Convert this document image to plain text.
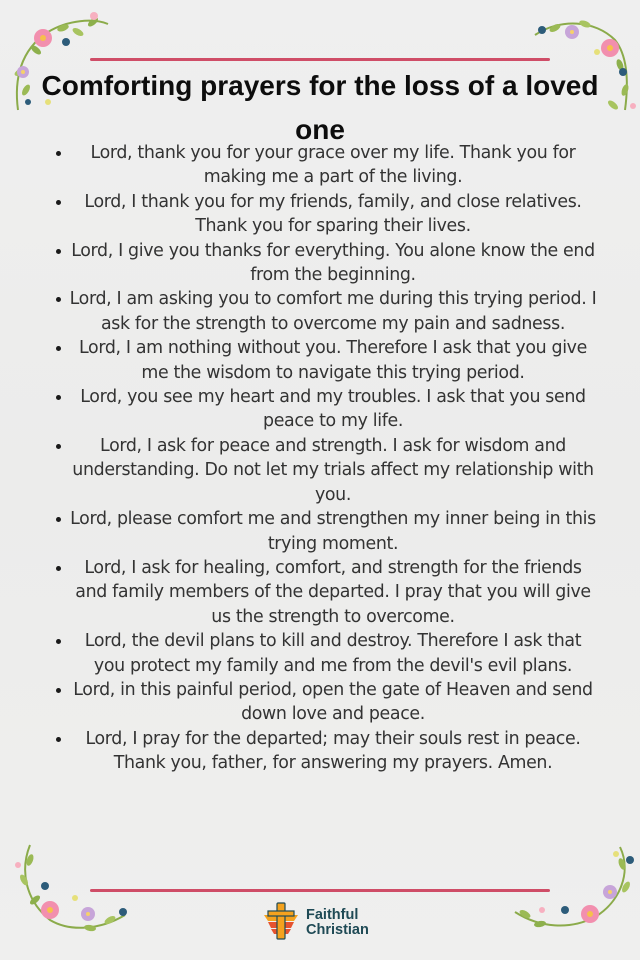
Comforting prayers for the loss of a loved one
Lord, thank you for your grace over my life. Thank you for making me a part of the living.
Lord, I thank you for my friends, family, and close relatives. Thank you for sparing their lives.
Lord, I give you thanks for everything. You alone know the end from the beginning.
Lord, I am asking you to comfort me during this trying period. I ask for the strength to overcome my pain and sadness.
Lord, I am nothing without you. Therefore I ask that you give me the wisdom to navigate this trying period.
Lord, you see my heart and my troubles. I ask that you send peace to my life.
Lord, I ask for peace and strength. I ask for wisdom and understanding. Do not let my trials affect my relationship with you.
Lord, please comfort me and strengthen my inner being in this trying moment.
Lord, I ask for healing, comfort, and strength for the friends and family members of the departed. I pray that you will give us the strength to overcome.
Lord, the devil plans to kill and destroy. Therefore I ask that you protect my family and me from the devil's evil plans.
Lord, in this painful period, open the gate of Heaven and send down love and peace.
Lord, I pray for the departed; may their souls rest in peace. Thank you, father, for answering my prayers. Amen.
Faithful
Christian
